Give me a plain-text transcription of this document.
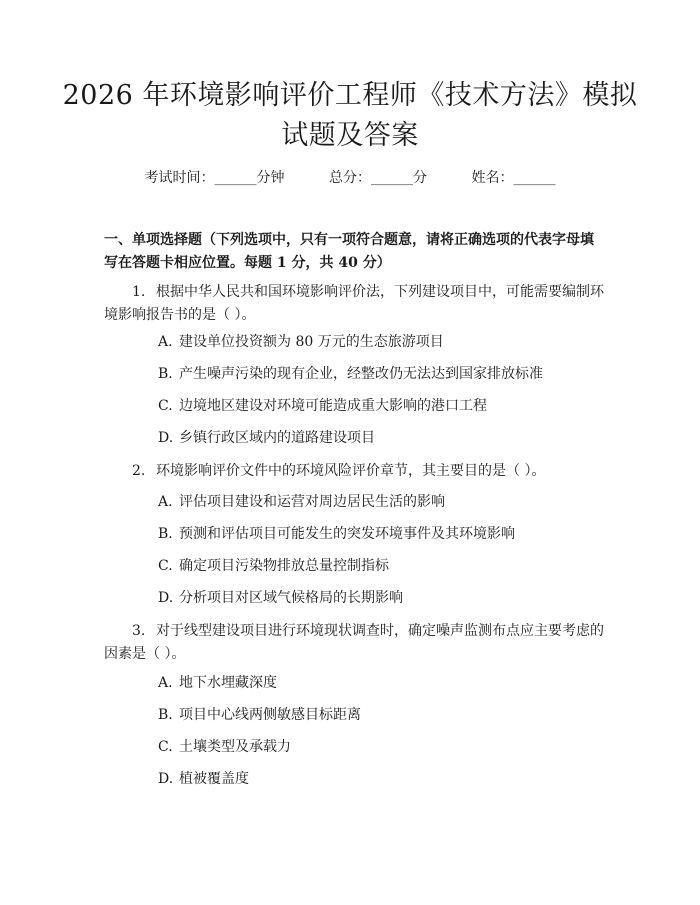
2026 年环境影响评价工程师《技术方法》模拟试题及答案
考试时间：______分钟	总分：______分	姓名：______

一、单项选择题（下列选项中，只有一项符合题意，请将正确选项的代表字母填写在答题卡相应位置。每题 1 分，共 40 分）

1. 根据中华人民共和国环境影响评价法，下列建设项目中，可能需要编制环境影响报告书的是（ ）。
A. 建设单位投资额为 80 万元的生态旅游项目
B. 产生噪声污染的现有企业，经整改仍无法达到国家排放标准
C. 边境地区建设对环境可能造成重大影响的港口工程
D. 乡镇行政区域内的道路建设项目
2. 环境影响评价文件中的环境风险评价章节，其主要目的是（ ）。
A. 评估项目建设和运营对周边居民生活的影响
B. 预测和评估项目可能发生的突发环境事件及其环境影响
C. 确定项目污染物排放总量控制指标
D. 分析项目对区域气候格局的长期影响
3. 对于线型建设项目进行环境现状调查时，确定噪声监测布点应主要考虑的因素是（ ）。
A. 地下水埋藏深度
B. 项目中心线两侧敏感目标距离
C. 土壤类型及承载力
D. 植被覆盖度
